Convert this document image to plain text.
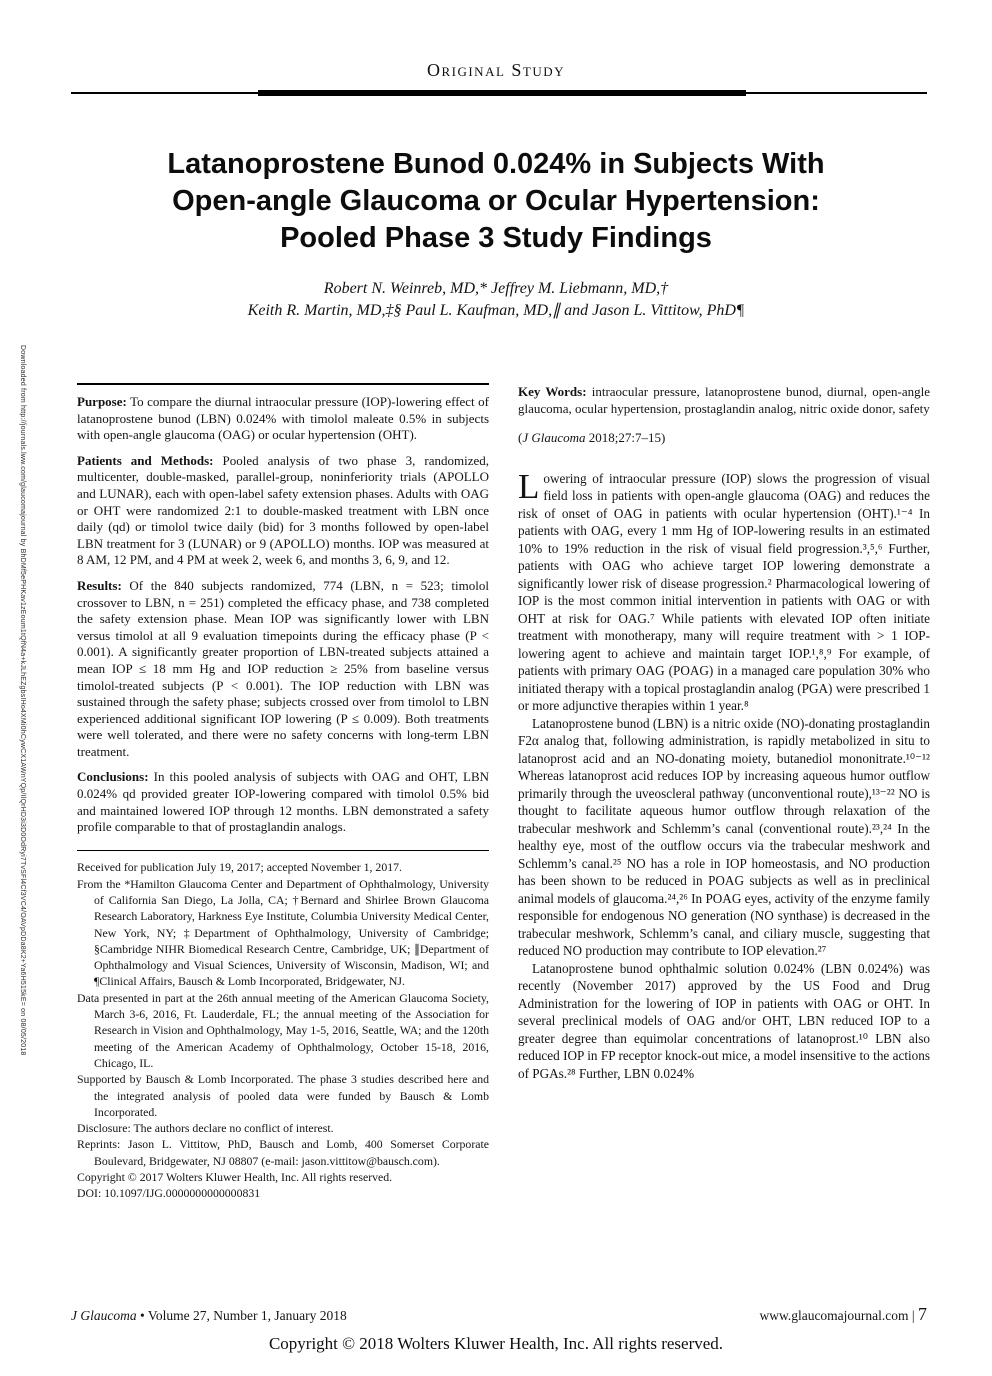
Downloaded from http://journals.lww.com/glaucomajournal by BhDMf5ePHKav1zEoum1tQfN4a+kJLhEZgbsIHo4XMi0hCywCX1AWnYQp/IlQrHD3i3D0OdRyi7TvSFl4Cf3VC4/OAVpDDa8K2+Ya6H515kE= on 08/05/2018
Original Study
Latanoprostene Bunod 0.024% in Subjects With
Open-angle Glaucoma or Ocular Hypertension:
Pooled Phase 3 Study Findings
Robert N. Weinreb, MD,* Jeffrey M. Liebmann, MD,†
Keith R. Martin, MD,‡§ Paul L. Kaufman, MD,∥ and Jason L. Vittitow, PhD¶

Purpose: To compare the diurnal intraocular pressure (IOP)-lowering effect of latanoprostene bunod (LBN) 0.024% with timolol maleate 0.5% in subjects with open-angle glaucoma (OAG) or ocular hypertension (OHT).

Patients and Methods: Pooled analysis of two phase 3, randomized, multicenter, double-masked, parallel-group, noninferiority trials (APOLLO and LUNAR), each with open-label safety extension phases. Adults with OAG or OHT were randomized 2:1 to double-masked treatment with LBN once daily (qd) or timolol twice daily (bid) for 3 months followed by open-label LBN treatment for 3 (LUNAR) or 9 (APOLLO) months. IOP was measured at 8 AM, 12 PM, and 4 PM at week 2, week 6, and months 3, 6, 9, and 12.

Results: Of the 840 subjects randomized, 774 (LBN, n = 523; timolol crossover to LBN, n = 251) completed the efficacy phase, and 738 completed the safety extension phase. Mean IOP was significantly lower with LBN versus timolol at all 9 evaluation timepoints during the efficacy phase (P < 0.001). A significantly greater proportion of LBN-treated subjects attained a mean IOP ≤ 18 mm Hg and IOP reduction ≥ 25% from baseline versus timolol-treated subjects (P < 0.001). The IOP reduction with LBN was sustained through the safety phase; subjects crossed over from timolol to LBN experienced additional significant IOP lowering (P ≤ 0.009). Both treatments were well tolerated, and there were no safety concerns with long-term LBN treatment.

Conclusions: In this pooled analysis of subjects with OAG and OHT, LBN 0.024% qd provided greater IOP-lowering compared with timolol 0.5% bid and maintained lowered IOP through 12 months. LBN demonstrated a safety profile comparable to that of prostaglandin analogs.

Received for publication July 19, 2017; accepted November 1, 2017.

From the *Hamilton Glaucoma Center and Department of Ophthalmology, University of California San Diego, La Jolla, CA; †Bernard and Shirlee Brown Glaucoma Research Laboratory, Harkness Eye Institute, Columbia University Medical Center, New York, NY; ‡Department of Ophthalmology, University of Cambridge; §Cambridge NIHR Biomedical Research Centre, Cambridge, UK; ∥Department of Ophthalmology and Visual Sciences, University of Wisconsin, Madison, WI; and ¶Clinical Affairs, Bausch & Lomb Incorporated, Bridgewater, NJ.

Data presented in part at the 26th annual meeting of the American Glaucoma Society, March 3-6, 2016, Ft. Lauderdale, FL; the annual meeting of the Association for Research in Vision and Ophthalmology, May 1-5, 2016, Seattle, WA; and the 120th meeting of the American Academy of Ophthalmology, October 15-18, 2016, Chicago, IL.

Supported by Bausch & Lomb Incorporated. The phase 3 studies described here and the integrated analysis of pooled data were funded by Bausch & Lomb Incorporated.

Disclosure: The authors declare no conflict of interest.

Reprints: Jason L. Vittitow, PhD, Bausch and Lomb, 400 Somerset Corporate Boulevard, Bridgewater, NJ 08807 (e-mail: jason.vittitow@bausch.com).

Copyright © 2017 Wolters Kluwer Health, Inc. All rights reserved.

DOI: 10.1097/IJG.0000000000000831

Key Words: intraocular pressure, latanoprostene bunod, diurnal, open-angle glaucoma, ocular hypertension, prostaglandin analog, nitric oxide donor, safety

(J Glaucoma 2018;27:7–15)

Lowering of intraocular pressure (IOP) slows the progression of visual field loss in patients with open-angle glaucoma (OAG) and reduces the risk of onset of OAG in patients with ocular hypertension (OHT).¹⁻⁴ In patients with OAG, every 1 mm Hg of IOP-lowering results in an estimated 10% to 19% reduction in the risk of visual field progression.³,⁵,⁶ Further, patients with OAG who achieve target IOP lowering demonstrate a significantly lower risk of disease progression.² Pharmacological lowering of IOP is the most common initial intervention in patients with OAG or with OHT at risk for OAG.⁷ While patients with elevated IOP often initiate treatment with monotherapy, many will require treatment with > 1 IOP-lowering agent to achieve and maintain target IOP.¹,⁸,⁹ For example, of patients with primary OAG (POAG) in a managed care population 30% who initiated therapy with a topical prostaglandin analog (PGA) were prescribed 1 or more adjunctive therapies within 1 year.⁸

Latanoprostene bunod (LBN) is a nitric oxide (NO)-donating prostaglandin F2α analog that, following administration, is rapidly metabolized in situ to latanoprost acid and an NO-donating moiety, butanediol mononitrate.¹⁰⁻¹² Whereas latanoprost acid reduces IOP by increasing aqueous humor outflow primarily through the uveoscleral pathway (unconventional route),¹³⁻²² NO is thought to facilitate aqueous humor outflow through relaxation of the trabecular meshwork and Schlemm’s canal (conventional route).²³,²⁴ In the healthy eye, most of the outflow occurs via the trabecular meshwork and Schlemm’s canal.²⁵ NO has a role in IOP homeostasis, and NO production has been shown to be reduced in POAG subjects as well as in preclinical animal models of glaucoma.²⁴,²⁶ In POAG eyes, activity of the enzyme family responsible for endogenous NO generation (NO synthase) is decreased in the trabecular meshwork, Schlemm’s canal, and ciliary muscle, suggesting that reduced NO production may contribute to IOP elevation.²⁷

Latanoprostene bunod ophthalmic solution 0.024% (LBN 0.024%) was recently (November 2017) approved by the US Food and Drug Administration for the lowering of IOP in patients with OAG or OHT. In several preclinical models of OAG and/or OHT, LBN reduced IOP to a greater degree than equimolar concentrations of latanoprost.¹⁰ LBN also reduced IOP in FP receptor knock-out mice, a model insensitive to the actions of PGAs.²⁸ Further, LBN 0.024%

J Glaucoma • Volume 27, Number 1, January 2018	www.glaucomajournal.com | 7
Copyright © 2018 Wolters Kluwer Health, Inc. All rights reserved.
